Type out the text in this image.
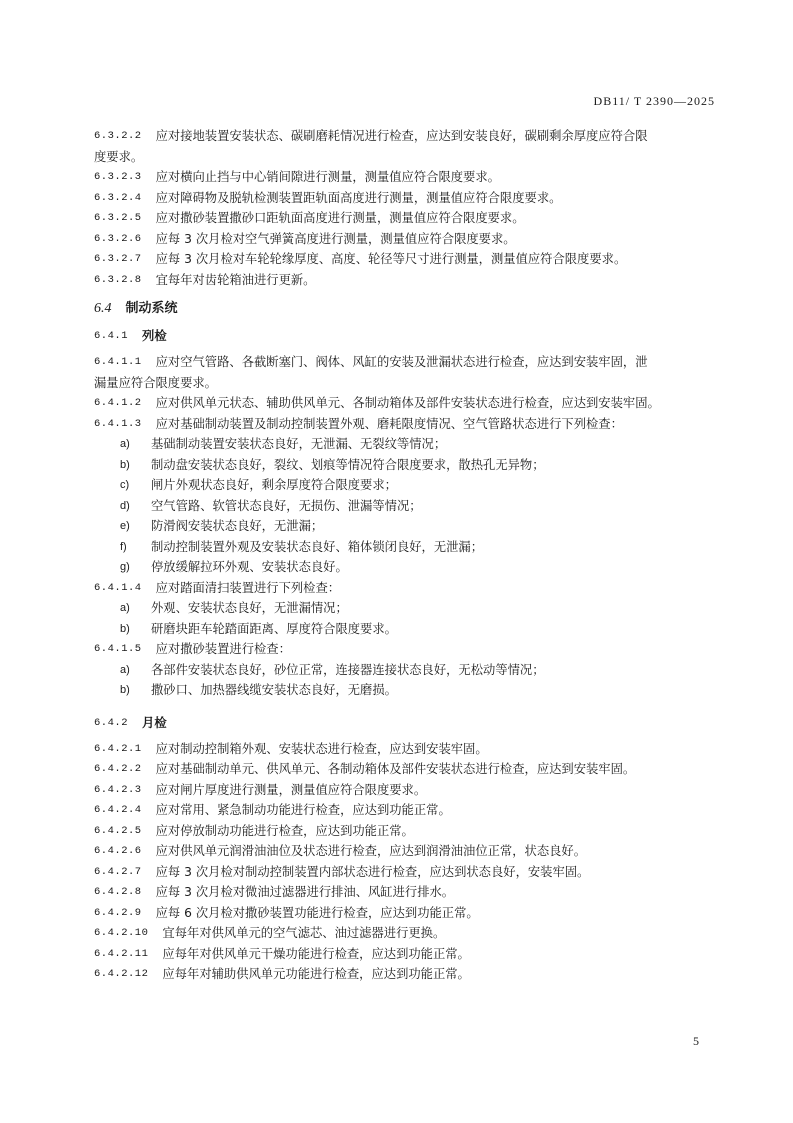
DB11/ T 2390—2025
6.3.2.2 应对接地装置安装状态、碳刷磨耗情况进行检查，应达到安装良好，碳刷剩余厚度应符合限
度要求。
6.3.2.3 应对横向止挡与中心销间隙进行测量，测量值应符合限度要求。
6.3.2.4 应对障碍物及脱轨检测装置距轨面高度进行测量，测量值应符合限度要求。
6.3.2.5 应对撒砂装置撒砂口距轨面高度进行测量，测量值应符合限度要求。
6.3.2.6 应每 3 次月检对空气弹簧高度进行测量，测量值应符合限度要求。
6.3.2.7 应每 3 次月检对车轮轮缘厚度、高度、轮径等尺寸进行测量，测量值应符合限度要求。
6.3.2.8 宜每年对齿轮箱油进行更新。
6.4 制动系统
6.4.1 列检
6.4.1.1 应对空气管路、各截断塞门、阀体、风缸的安装及泄漏状态进行检查，应达到安装牢固，泄
漏量应符合限度要求。
6.4.1.2 应对供风单元状态、辅助供风单元、各制动箱体及部件安装状态进行检查，应达到安装牢固。
6.4.1.3 应对基础制动装置及制动控制装置外观、磨耗限度情况、空气管路状态进行下列检查：
a)	基础制动装置安装状态良好，无泄漏、无裂纹等情况；
b)	制动盘安装状态良好，裂纹、划痕等情况符合限度要求，散热孔无异物；
c)	闸片外观状态良好，剩余厚度符合限度要求；
d)	空气管路、软管状态良好，无损伤、泄漏等情况；
e)	防滑阀安装状态良好，无泄漏；
f)	制动控制装置外观及安装状态良好、箱体锁闭良好，无泄漏；
g)	停放缓解拉环外观、安装状态良好。
6.4.1.4 应对踏面清扫装置进行下列检查：
a)	外观、安装状态良好，无泄漏情况；
b)	研磨块距车轮踏面距离、厚度符合限度要求。
6.4.1.5 应对撒砂装置进行检查：
a)	各部件安装状态良好，砂位正常，连接器连接状态良好，无松动等情况；
b)	撒砂口、加热器线缆安装状态良好，无磨损。
6.4.2 月检
6.4.2.1 应对制动控制箱外观、安装状态进行检查，应达到安装牢固。
6.4.2.2 应对基础制动单元、供风单元、各制动箱体及部件安装状态进行检查，应达到安装牢固。
6.4.2.3 应对闸片厚度进行测量，测量值应符合限度要求。
6.4.2.4 应对常用、紧急制动功能进行检查，应达到功能正常。
6.4.2.5 应对停放制动功能进行检查，应达到功能正常。
6.4.2.6 应对供风单元润滑油油位及状态进行检查，应达到润滑油油位正常，状态良好。
6.4.2.7 应每 3 次月检对制动控制装置内部状态进行检查，应达到状态良好，安装牢固。
6.4.2.8 应每 3 次月检对微油过滤器进行排油、风缸进行排水。
6.4.2.9 应每 6 次月检对撒砂装置功能进行检查，应达到功能正常。
6.4.2.10 宜每年对供风单元的空气滤芯、油过滤器进行更换。
6.4.2.11 应每年对供风单元干燥功能进行检查，应达到功能正常。
6.4.2.12 应每年对辅助供风单元功能进行检查，应达到功能正常。
5
